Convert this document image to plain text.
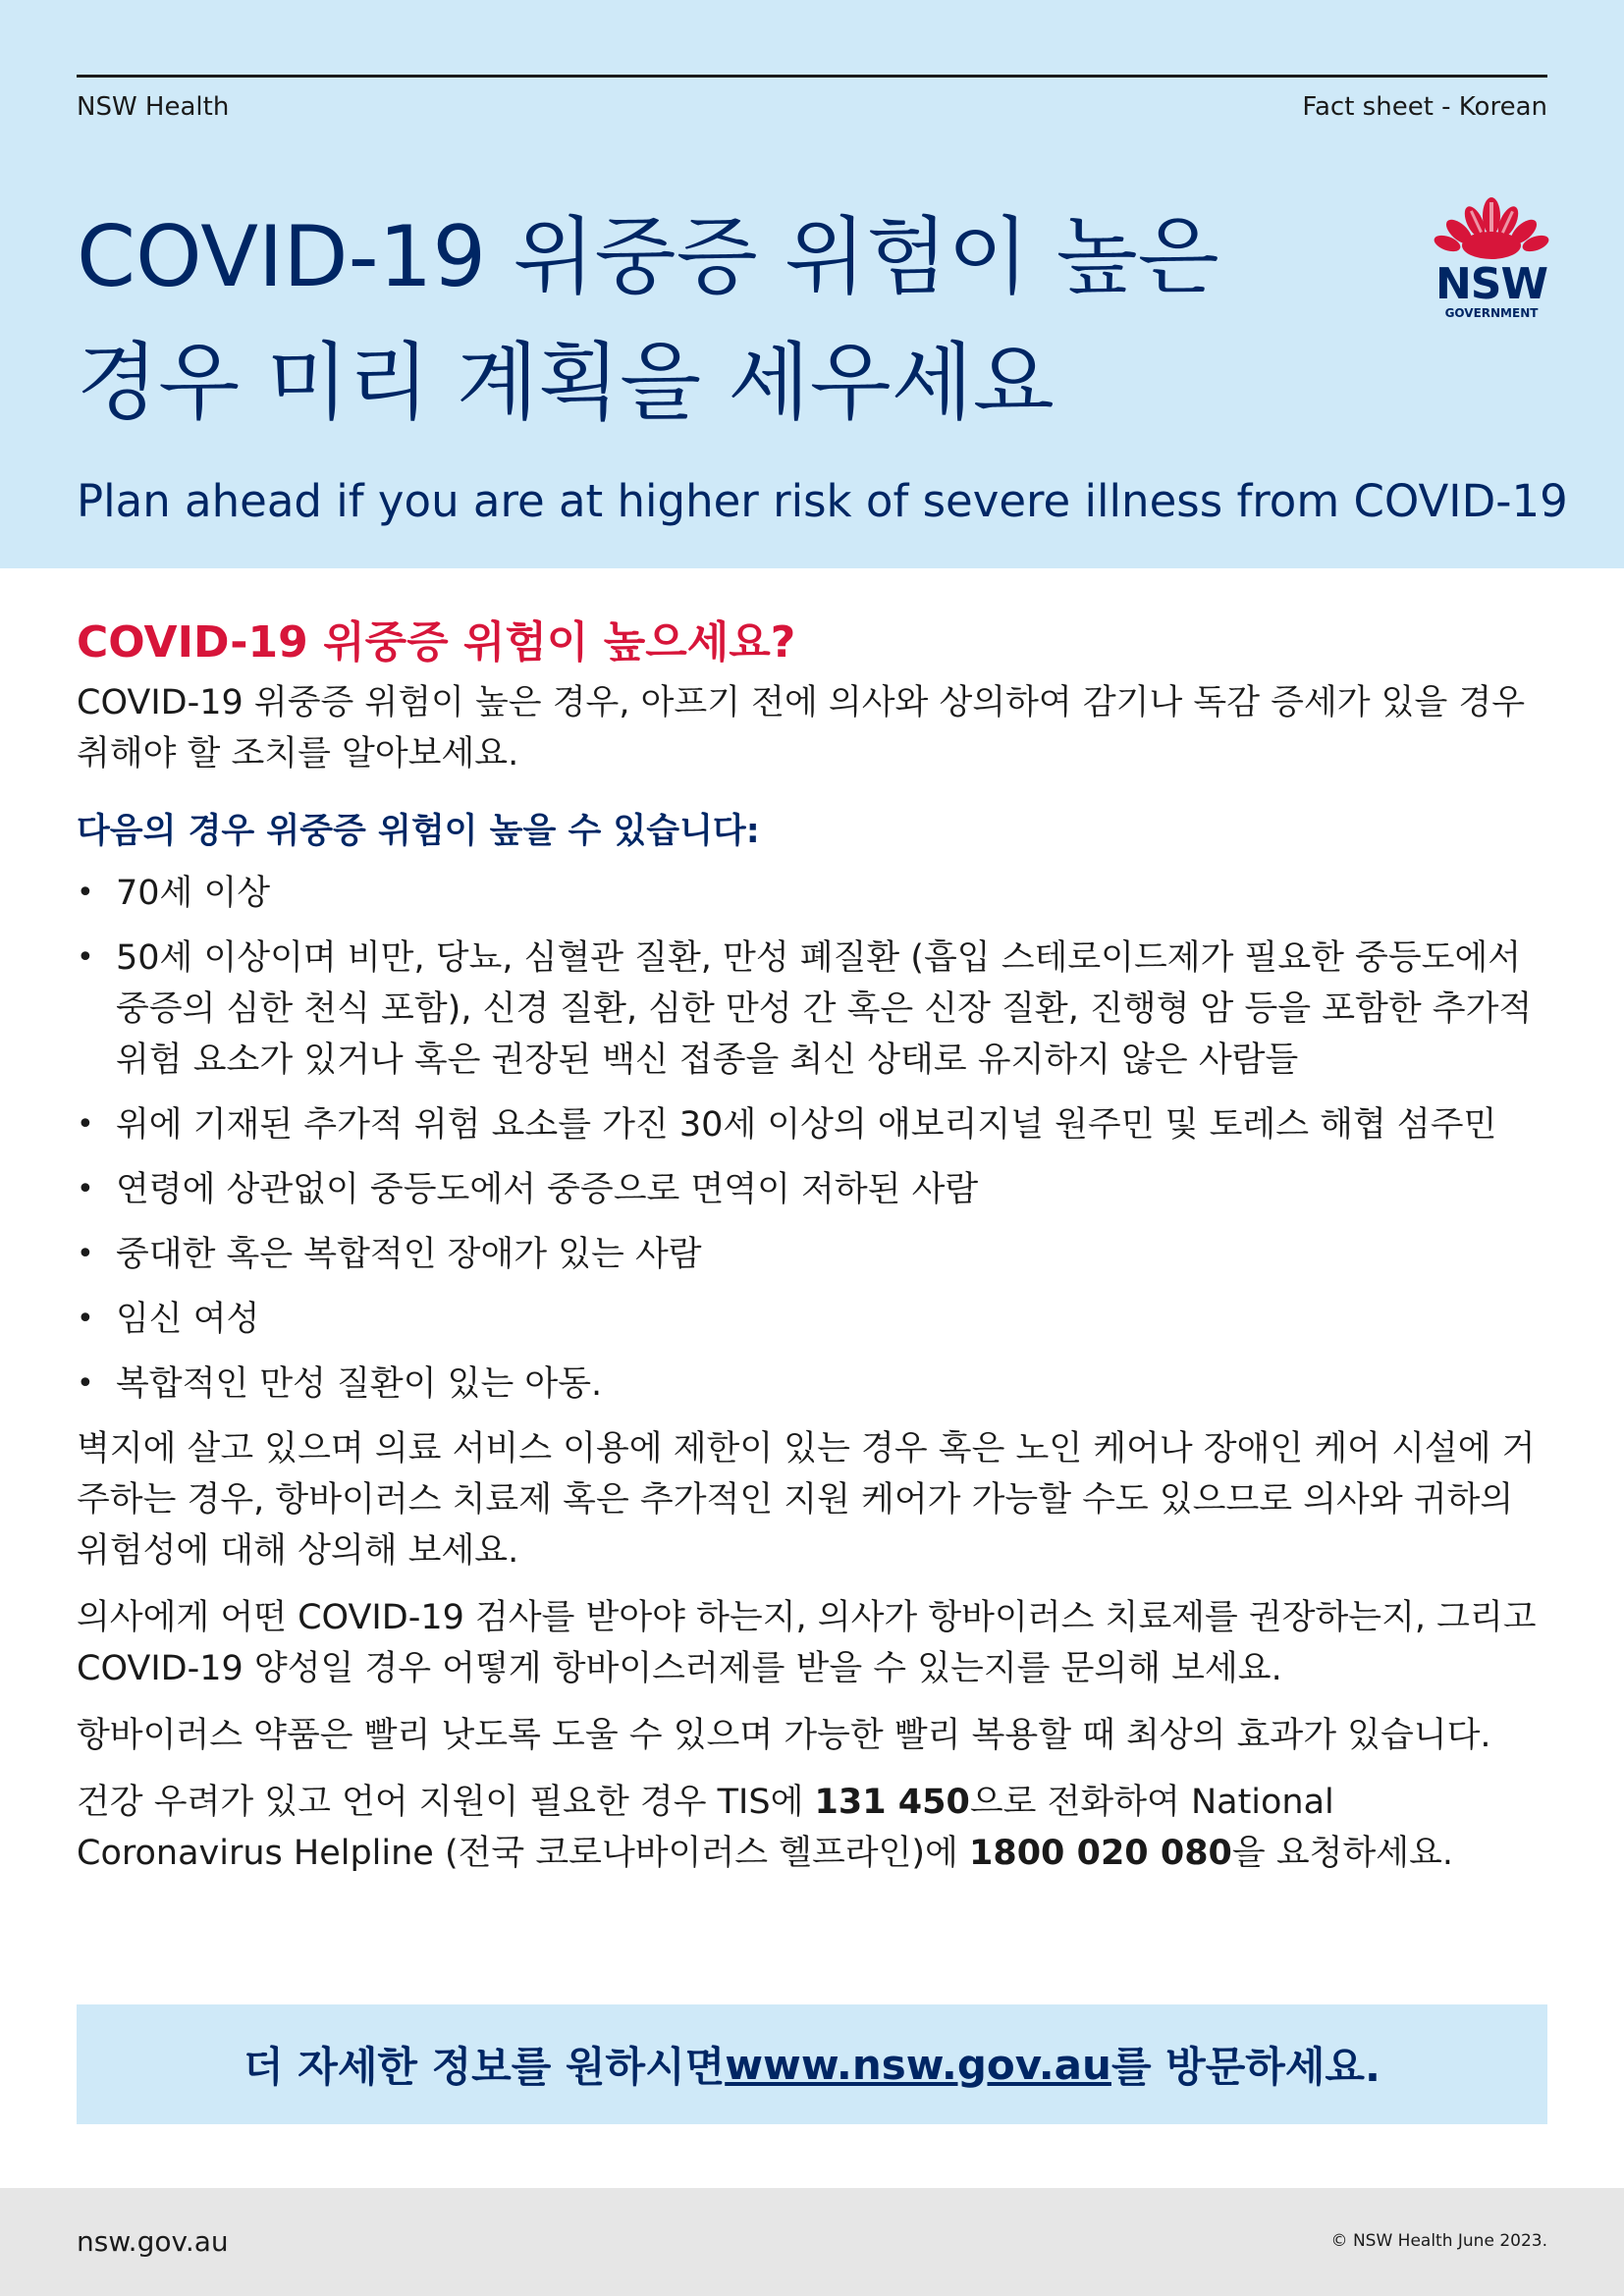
NSW Health	Fact sheet - Korean
COVID-19 위중증 위험이 높은
경우 미리 계획을 세우세요
NSW
GOVERNMENT
Plan ahead if you are at higher risk of severe illness from COVID-19
COVID-19 위중증 위험이 높으세요?

COVID-19 위중증 위험이 높은 경우, 아프기 전에 의사와 상의하여 감기나 독감 증세가 있을 경우 취해야 할 조치를 알아보세요.

다음의 경우 위중증 위험이 높을 수 있습니다:
• 70세 이상
• 50세 이상이며 비만, 당뇨, 심혈관 질환, 만성 폐질환 (흡입 스테로이드제가 필요한 중등도에서 중증의 심한 천식 포함), 신경 질환, 심한 만성 간 혹은 신장 질환, 진행형 암 등을 포함한 추가적 위험 요소가 있거나 혹은 권장된 백신 접종을 최신 상태로 유지하지 않은 사람들
• 위에 기재된 추가적 위험 요소를 가진 30세 이상의 애보리지널 원주민 및 토레스 해협 섬주민
• 연령에 상관없이 중등도에서 중증으로 면역이 저하된 사람
• 중대한 혹은 복합적인 장애가 있는 사람
• 임신 여성
• 복합적인 만성 질환이 있는 아동.

벽지에 살고 있으며 의료 서비스 이용에 제한이 있는 경우 혹은 노인 케어나 장애인 케어 시설에 거주하는 경우, 항바이러스 치료제 혹은 추가적인 지원 케어가 가능할 수도 있으므로 의사와 귀하의 위험성에 대해 상의해 보세요.

의사에게 어떤 COVID-19 검사를 받아야 하는지, 의사가 항바이러스 치료제를 권장하는지, 그리고 COVID-19 양성일 경우 어떻게 항바이스러제를 받을 수 있는지를 문의해 보세요.

항바이러스 약품은 빨리 낫도록 도울 수 있으며 가능한 빨리 복용할 때 최상의 효과가 있습니다.

건강 우려가 있고 언어 지원이 필요한 경우 TIS에 131 450으로 전화하여 National Coronavirus Helpline (전국 코로나바이러스 헬프라인)에 1800 020 080을 요청하세요.

더 자세한 정보를 원하시면 www.nsw.gov.au 를 방문하세요.
nsw.gov.au	© NSW Health June 2023.
